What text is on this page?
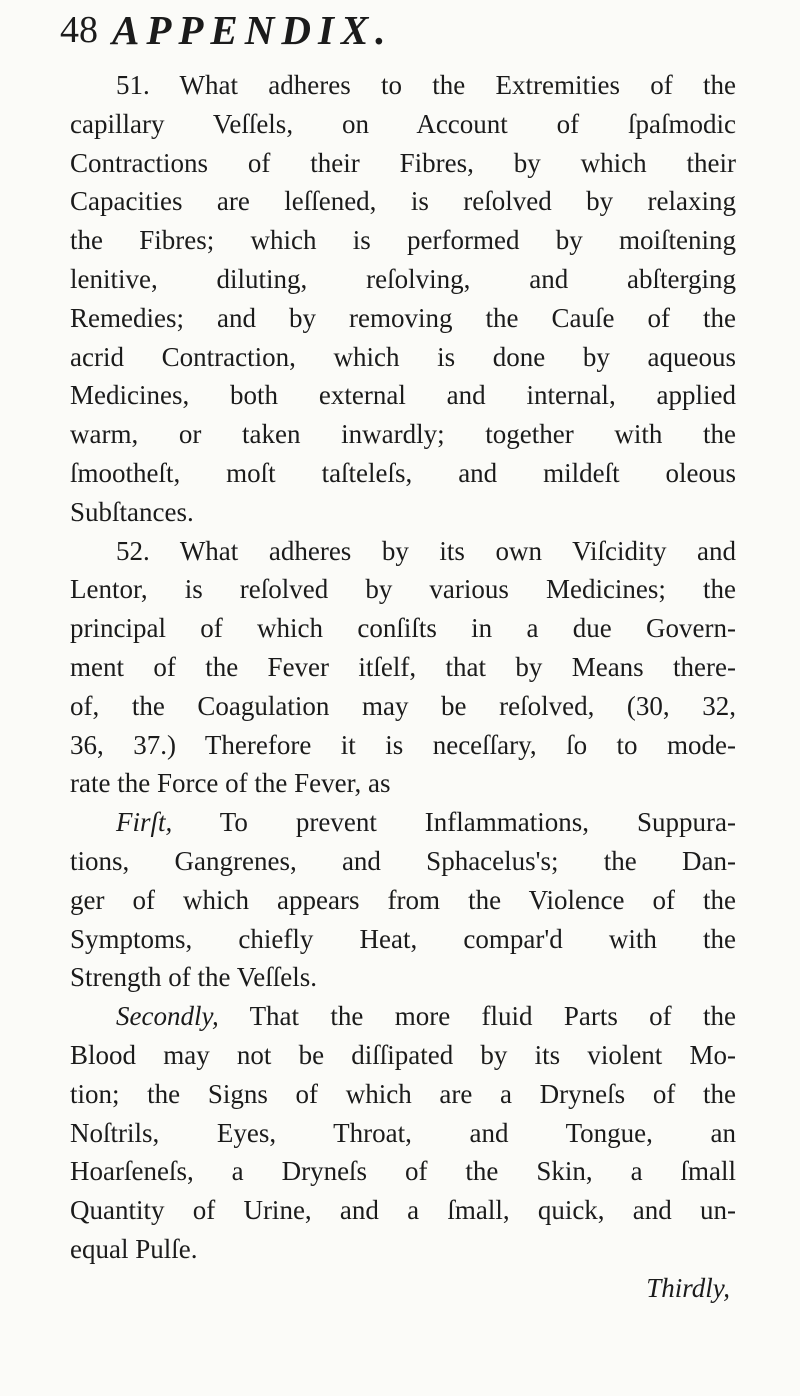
48 APPENDIX.
51. What adheres to the Extremities of the
capillary Veſſels, on Account of ſpaſmodic
Contractions of their Fibres, by which their
Capacities are leſſened, is reſolved by relaxing
the Fibres; which is performed by moiſtening
lenitive, diluting, reſolving, and abſterging
Remedies; and by removing the Cauſe of the
acrid Contraction, which is done by aqueous
Medicines, both external and internal, applied
warm, or taken inwardly; together with the
ſmootheſt, moſt taſteleſs, and mildeſt oleous
Subſtances.
52. What adheres by its own Viſcidity and
Lentor, is reſolved by various Medicines; the
principal of which conſiſts in a due Govern-
ment of the Fever itſelf, that by Means there-
of, the Coagulation may be reſolved, (30, 32,
36, 37.) Therefore it is neceſſary, ſo to mode-
rate the Force of the Fever, as
Firſt, To prevent Inflammations, Suppura-
tions, Gangrenes, and Sphacelus's; the Dan-
ger of which appears from the Violence of the
Symptoms, chiefly Heat, compar'd with the
Strength of the Veſſels.
Secondly, That the more fluid Parts of the
Blood may not be diſſipated by its violent Mo-
tion; the Signs of which are a Dryneſs of the
Noſtrils, Eyes, Throat, and Tongue, an
Hoarſeneſs, a Dryneſs of the Skin, a ſmall
Quantity of Urine, and a ſmall, quick, and un-
equal Pulſe.
Thirdly,
